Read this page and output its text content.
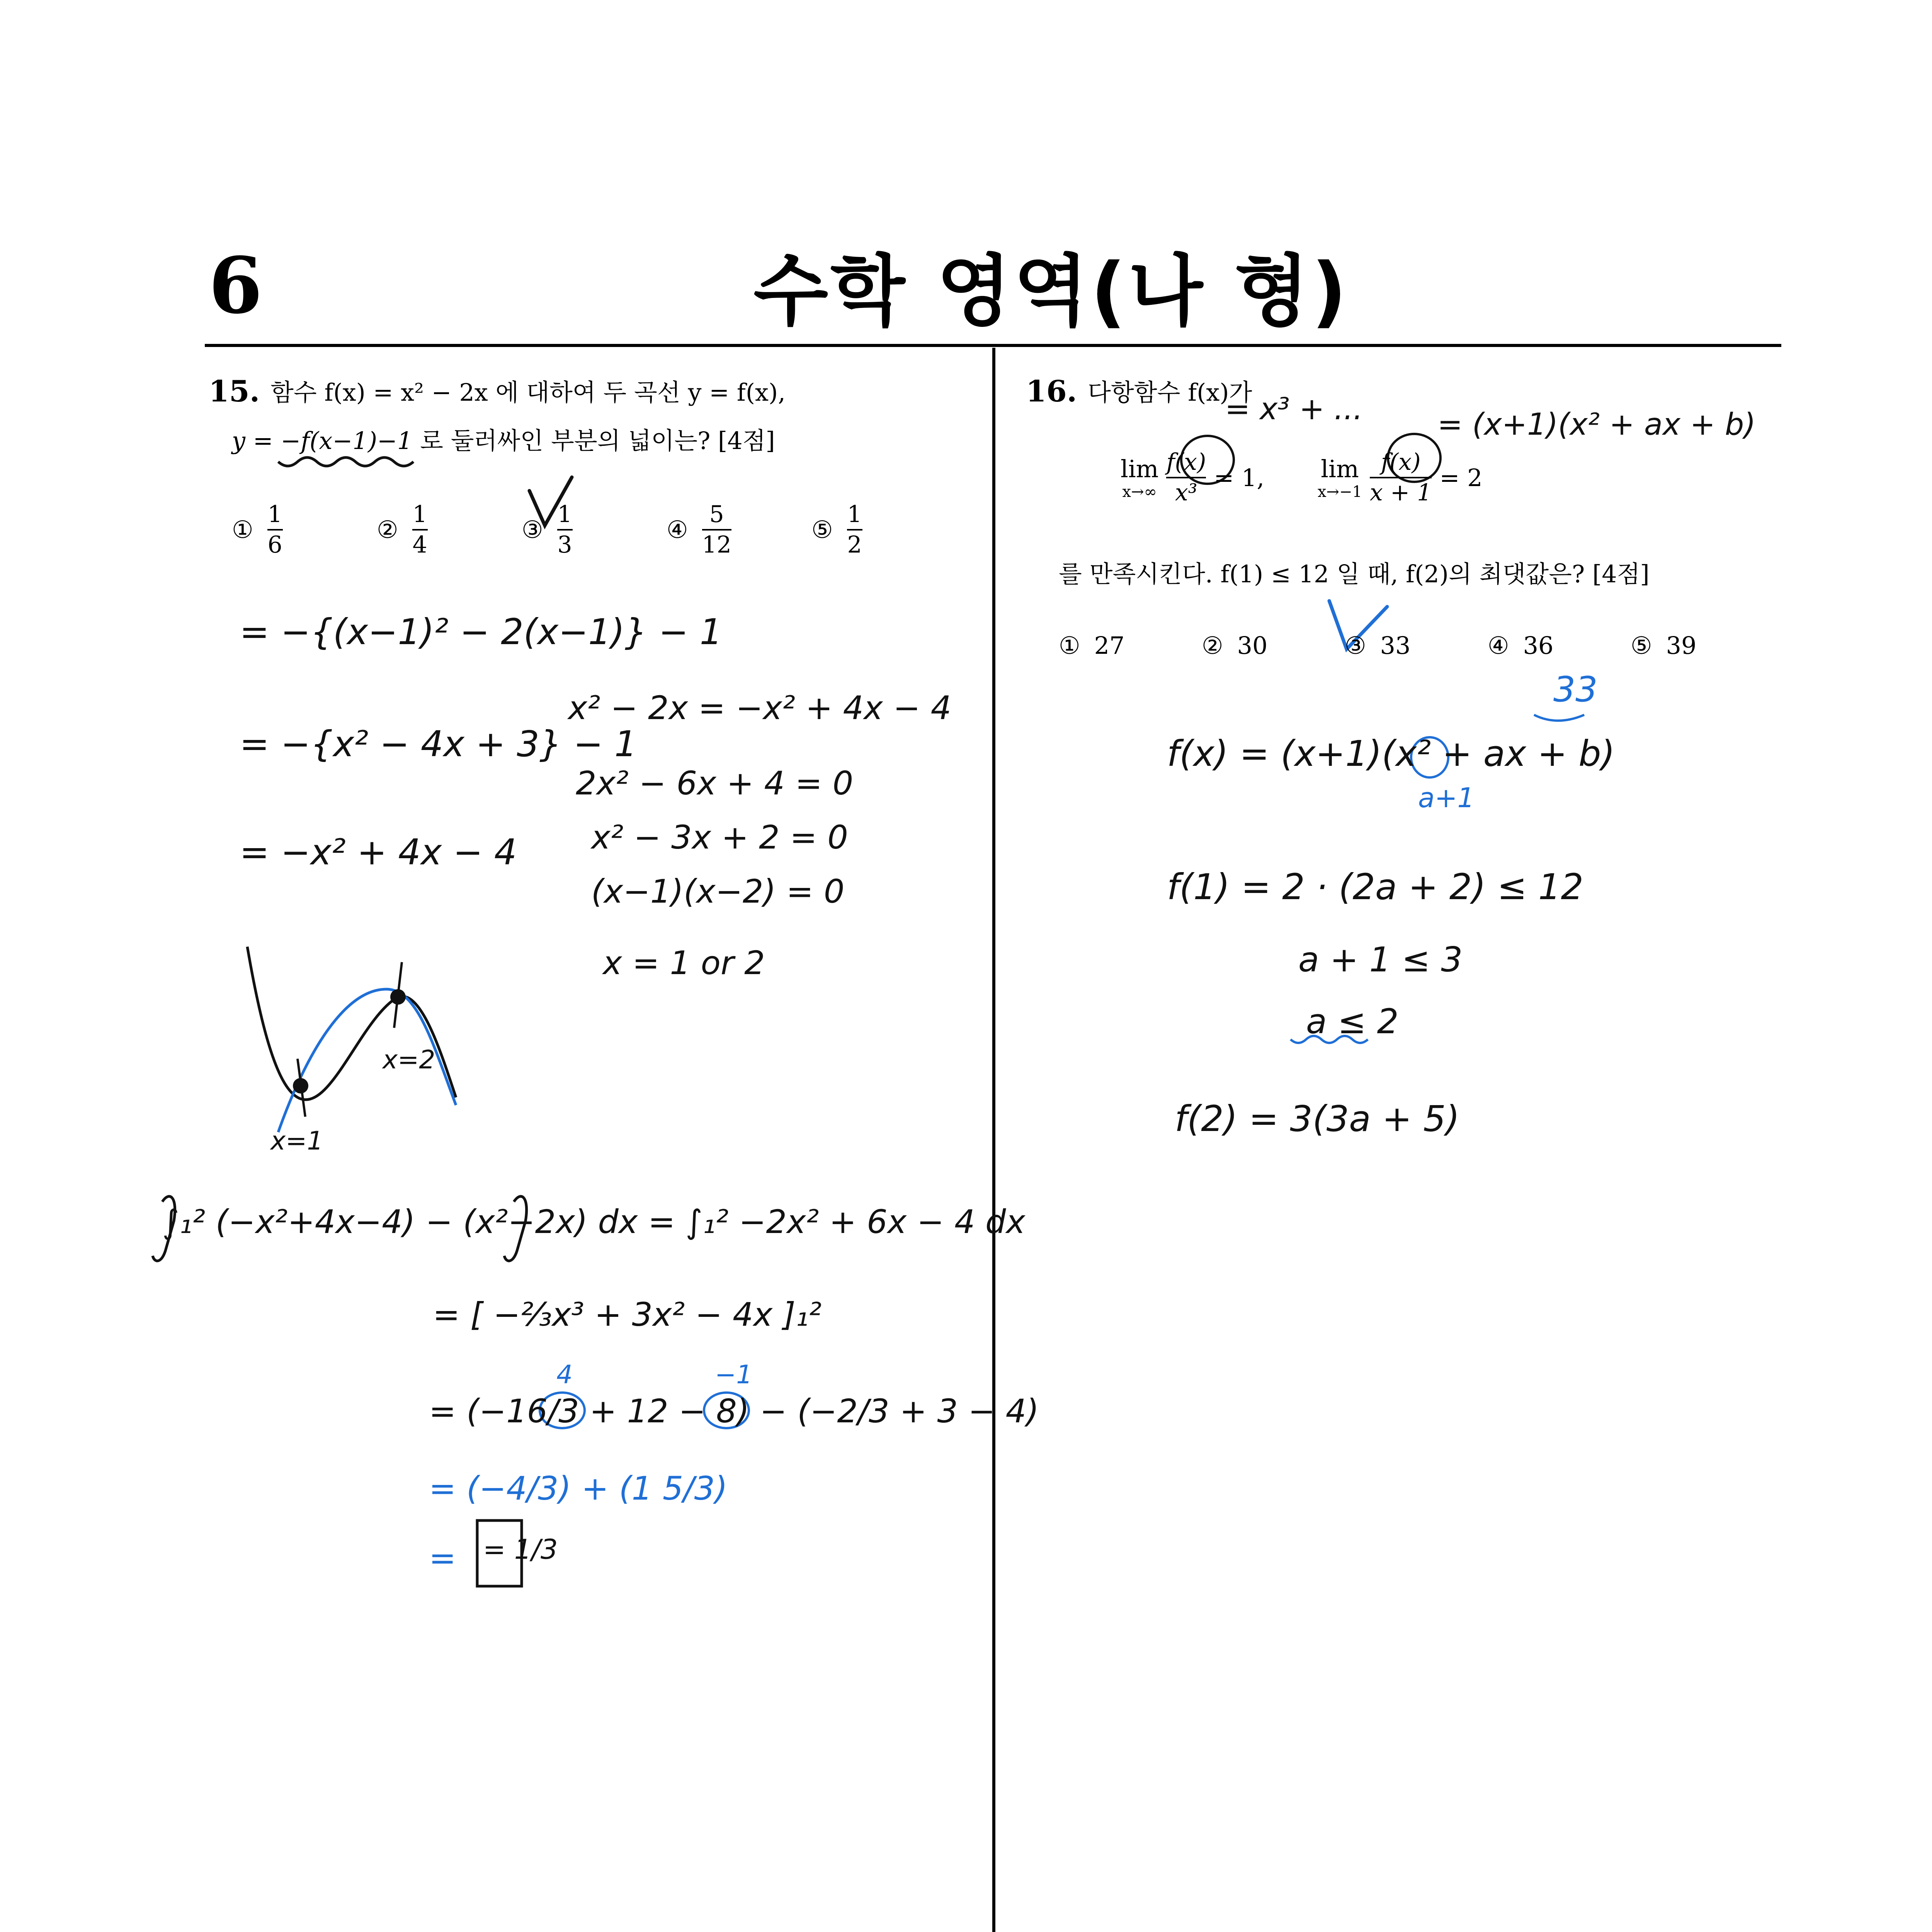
6	수학 영역(나 형)
15. 함수 f(x) = x² − 2x 에 대하여 두 곡선 y = f(x),
y = −f(x−1)−1 로 둘러싸인 부분의 넓이는? [4점]
① $\frac{1}{6}$	② $\frac{1}{4}$	③ $\frac{1}{3}$	④ $\frac{5}{12}$	⑤ $\frac{1}{2}$
= −{(x−1)² − 2(x−1)} − 1
= −{x² − 4x + 3} − 1
= −x² + 4x − 4
x² − 2x = −x² + 4x − 4
2x² − 6x + 4 = 0
x² − 3x + 2 = 0
(x−1)(x−2) = 0
x = 1 or 2
x=1
x=2
∫₁² (−x²+4x−4) − (x²−2x) dx = ∫₁² −2x² + 6x − 4 dx
= [ −⅔x³ + 3x² − 4x ]₁²
= (−16/3 + 12 − 8) − (−2/3 + 3 − 4)
4	−1
= (−4/3) + (1 5/3)
= = 1/3
16. 다항함수 f(x)가
lim
$x\to\infty \frac{f(x)}{\text{x³}} = 1$, lim
$x\to-1 \frac{f(x)}{x + 1} = 2$
를 만족시킨다. f(1) ≤ 12 일 때, f(2)의 최댓값은? [4점]
① 27	② 30	③ 33	④ 36	⑤ 39
= x³ + ... = (x+1)(x² + ax + b)
33
f(x) = (x+1)(x² + ax + b)
a+1
f(1) = 2 · (2a + 2) ≤ 12
a + 1 ≤ 3
a ≤ 2
f(2) = 3(3a + 5)
